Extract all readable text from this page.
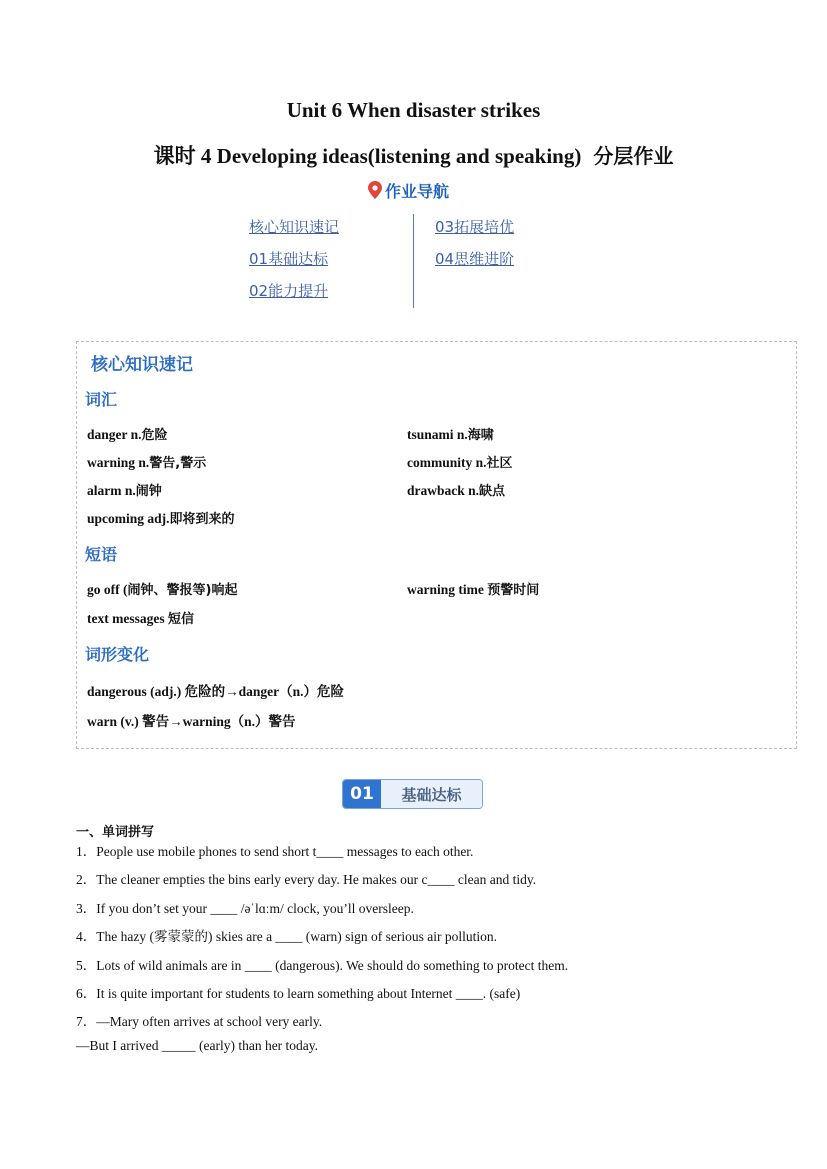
Unit 6 When disaster strikes
课时 4 Developing ideas(listening and speaking) 分层作业
作业导航
核心知识速记
01基础达标
02能力提升
03拓展培优
04思维进阶
核心知识速记
词汇
danger n.危险	tsunami n.海啸
warning n.警告,警示	community n.社区
alarm n.闹钟	drawback n.缺点
upcoming adj.即将到来的
短语
go off (闹钟、警报等)响起	warning time 预警时间
text messages 短信
词形变化
dangerous (adj.) 危险的→danger（n.）危险
warn (v.) 警告→warning（n.）警告
01	基础达标
一、单词拼写
1．People use mobile phones to send short t____ messages to each other.
2．The cleaner empties the bins early every day. He makes our c____ clean and tidy.
3．If you don’t set your ____ /əˈlɑːm/ clock, you’ll oversleep.
4．The hazy (雾蒙蒙的) skies are a ____ (warn) sign of serious air pollution.
5．Lots of wild animals are in ____ (dangerous). We should do something to protect them.
6．It is quite important for students to learn something about Internet ____. (safe)
7．—Mary often arrives at school very early.
—But I arrived _____ (early) than her today.
